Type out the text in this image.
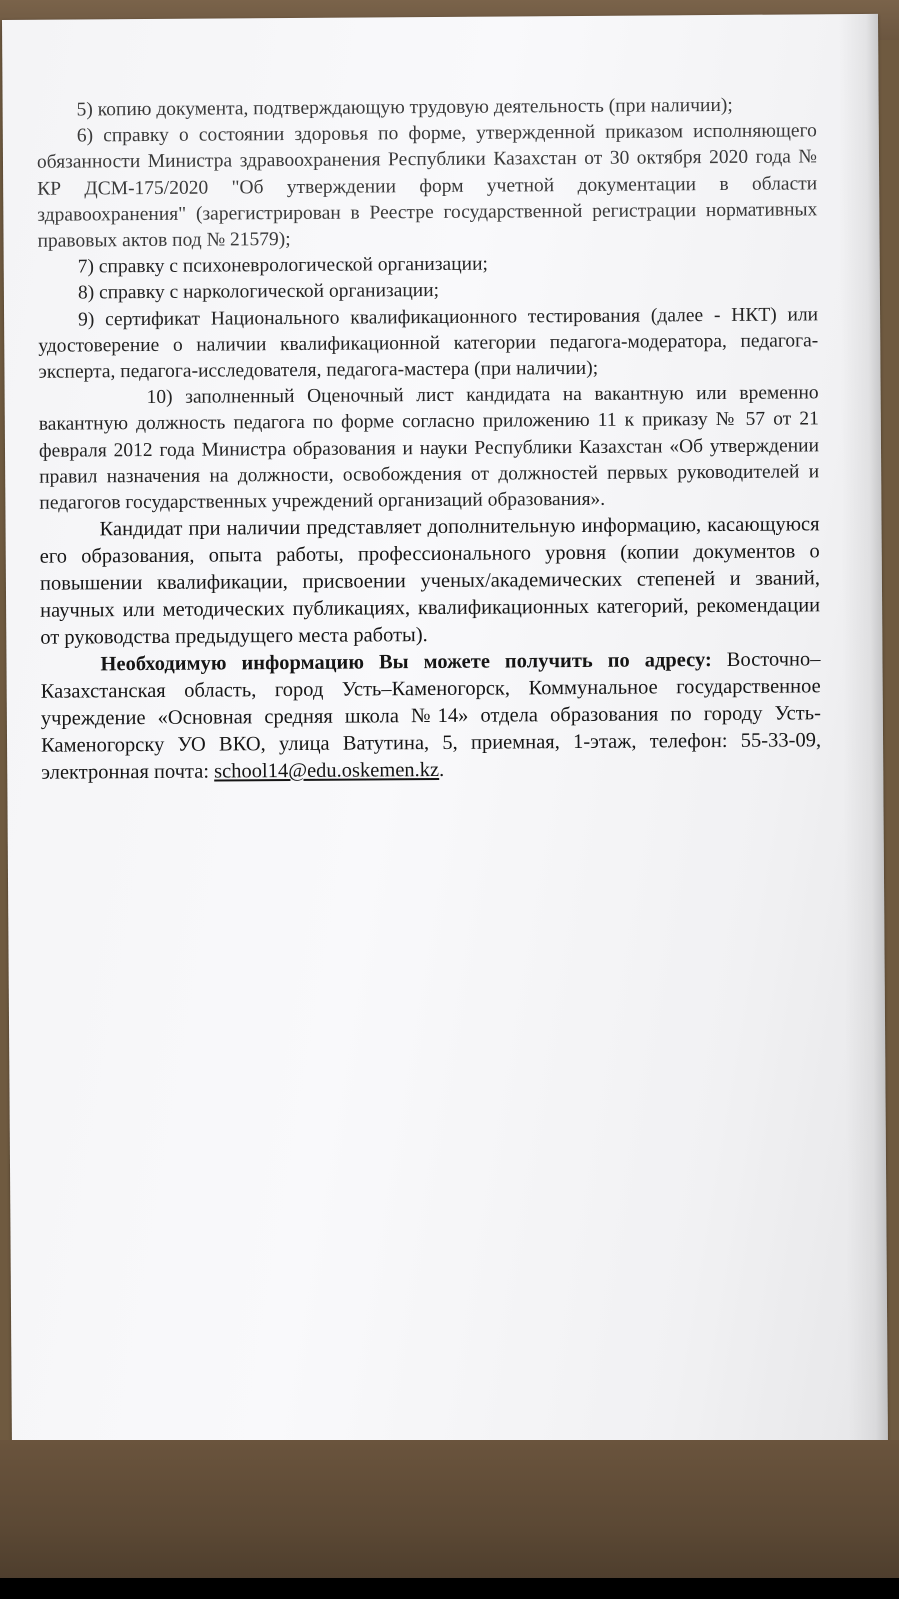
5) копию документа, подтверждающую трудовую деятельность (при наличии);

6) справку о состоянии здоровья по форме, утвержденной приказом исполняющего обязанности Министра здравоохранения Республики Казахстан от 30 октября 2020 года № КР ДСМ-175/2020 "Об утверждении форм учетной документации в области здравоохранения" (зарегистрирован в Реестре государственной регистрации нормативных правовых актов под № 21579);

7) справку с психоневрологической организации;

8) справку с наркологической организации;

9) сертификат Национального квалификационного тестирования (далее - НКТ) или удостоверение о наличии квалификационной категории педагога-модератора, педагога-эксперта, педагога-исследователя, педагога-мастера (при наличии);

10) заполненный Оценочный лист кандидата на вакантную или временно вакантную должность педагога по форме согласно приложению 11 к приказу № 57 от 21 февраля 2012 года Министра образования и науки Республики Казахстан «Об утверждении правил назначения на должности, освобождения от должностей первых руководителей и педагогов государственных учреждений организаций образования».

Кандидат при наличии представляет дополнительную информацию, касающуюся его образования, опыта работы, профессионального уровня (копии документов о повышении квалификации, присвоении ученых/академических степеней и званий, научных или методических публикациях, квалификационных категорий, рекомендации от руководства предыдущего места работы).

Необходимую информацию Вы можете получить по адресу: Восточно–Казахстанская область, город Усть–Каменогорск, Коммунальное государственное учреждение «Основная средняя школа №14» отдела образования по городу Усть-Каменогорску УО ВКО, улица Ватутина, 5, приемная, 1-этаж, телефон: 55-33-09, электронная почта: school14@edu.oskemen.kz.
